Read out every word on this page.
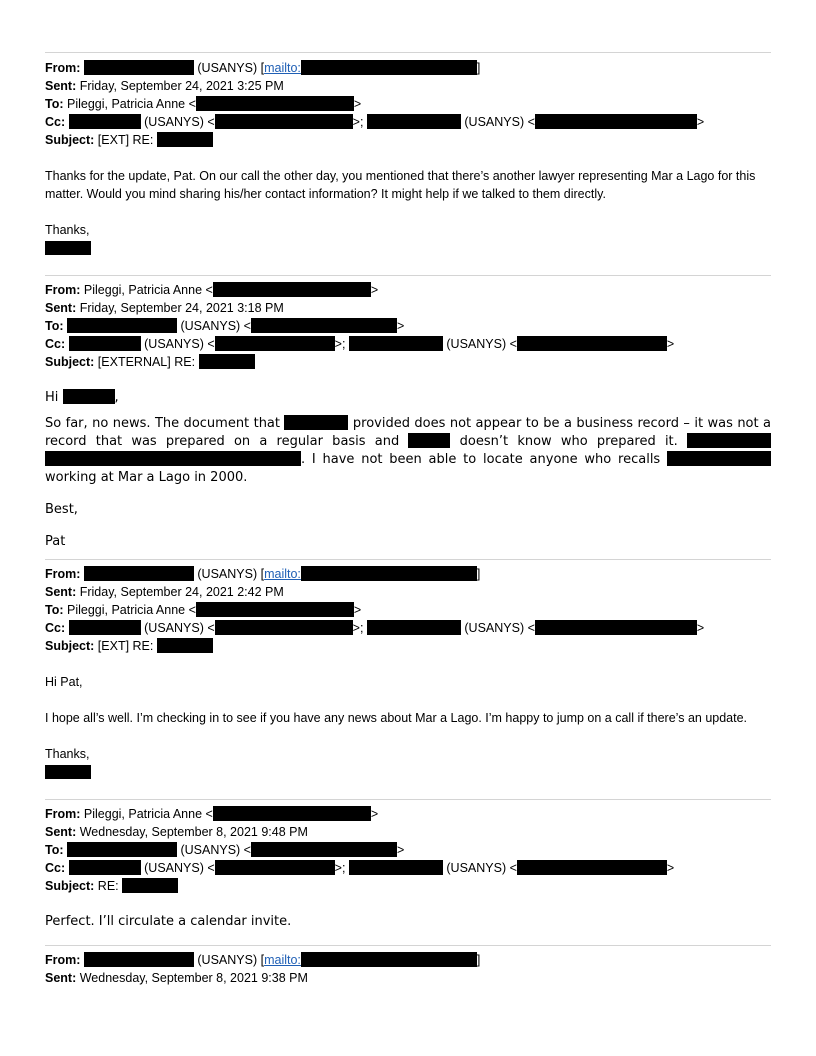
From:	(USANYS) [mailto:	]
Sent: Friday, September 24, 2021 3:25 PM
To: Pileggi, Patricia Anne <	>
Cc:	(USANYS) <	>;	(USANYS) <	>
Subject: [EXT] RE:
Thanks for the update, Pat. On our call the other day, you mentioned that there’s another lawyer representing Mar a Lago for this matter. Would you mind sharing his/her contact information? It might help if we talked to them directly.
Thanks,
From: Pileggi, Patricia Anne <	>
Sent: Friday, September 24, 2021 3:18 PM
To:	(USANYS) <	>
Cc:	(USANYS) <	>;	(USANYS) <	>
Subject: [EXTERNAL] RE:
Hi	,
So far, no news. The document that	provided does not appear to be a business record – it was not a record that was prepared on a regular basis and	doesn’t know who prepared it.  . I have not been able to locate anyone who recalls  working at Mar a Lago in 2000.
Best,
Pat
From:	(USANYS) [mailto:	]
Sent: Friday, September 24, 2021 2:42 PM
To: Pileggi, Patricia Anne <	>
Cc:	(USANYS) <	>;	(USANYS) <	>
Subject: [EXT] RE:
Hi Pat,
I hope all’s well. I’m checking in to see if you have any news about Mar a Lago. I’m happy to jump on a call if there’s an update.
Thanks,
From: Pileggi, Patricia Anne <	>
Sent: Wednesday, September 8, 2021 9:48 PM
To:	(USANYS) <	>
Cc:	(USANYS) <	>;	(USANYS) <	>
Subject: RE:
Perfect. I’ll circulate a calendar invite.
From:	(USANYS) [mailto:	]
Sent: Wednesday, September 8, 2021 9:38 PM
